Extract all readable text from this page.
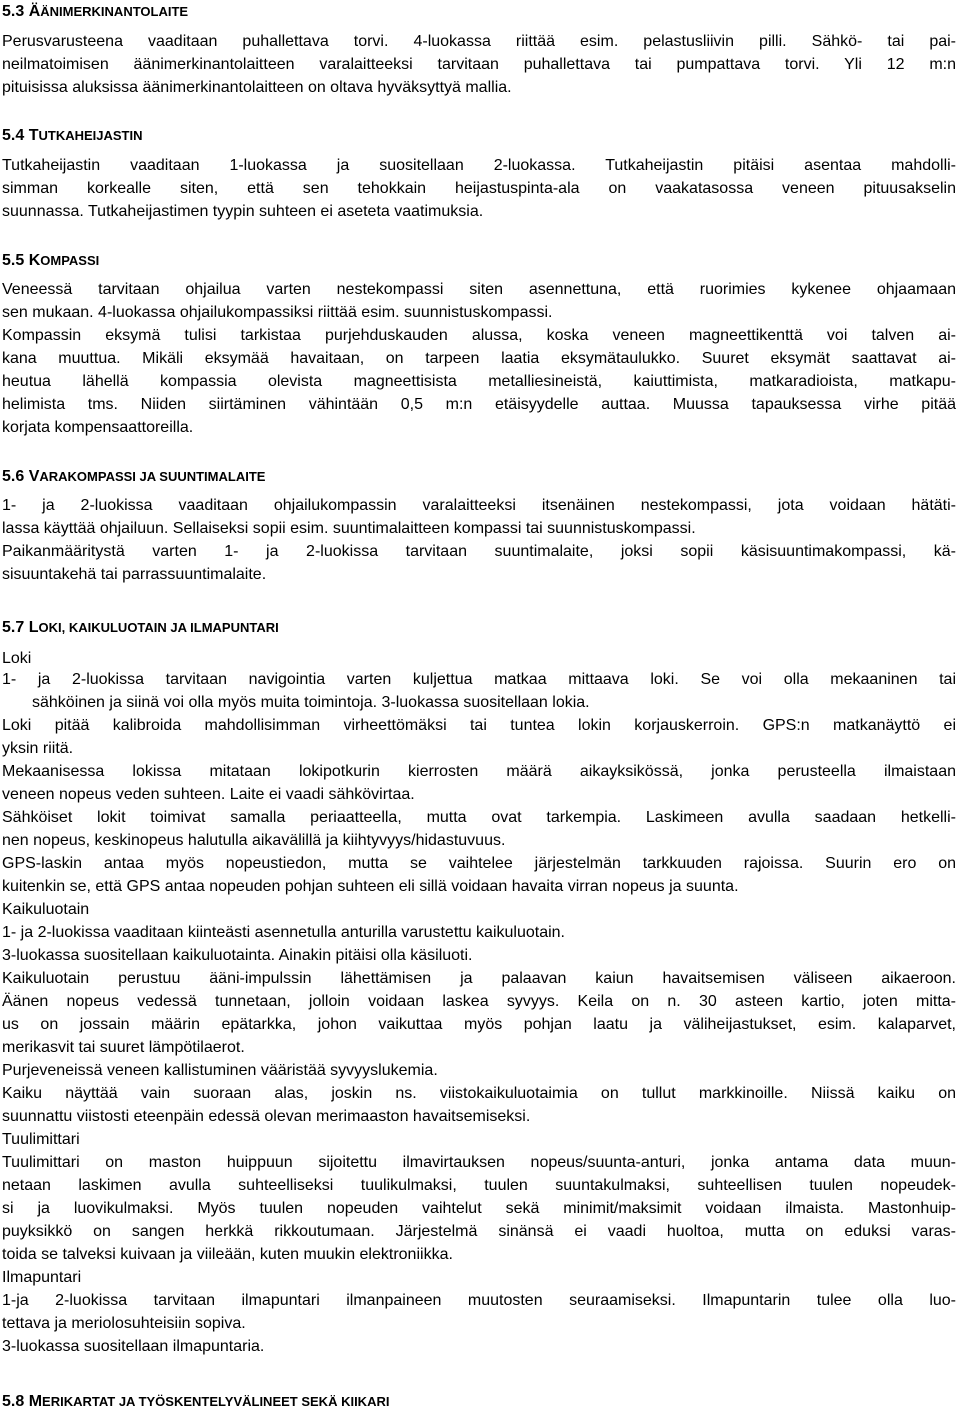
5.3 ÄÄNIMERKINANTOLAITE
Perusvarusteena vaaditaan puhallettava torvi. 4-luokassa riittää esim. pelastusliivin pilli. Sähkö- tai pai-
neilmatoimisen äänimerkinantolaitteen varalaitteeksi tarvitaan puhallettava tai pumpattava torvi. Yli 12 m:n
pituisissa aluksissa äänimerkinantolaitteen on oltava hyväksyttyä mallia.
5.4 TUTKAHEIJASTIN
Tutkaheijastin vaaditaan 1-luokassa ja suositellaan 2-luokassa. Tutkaheijastin pitäisi asentaa mahdolli-
simman korkealle siten, että sen tehokkain heijastuspinta-ala on vaakatasossa veneen pituusakselin
suunnassa. Tutkaheijastimen tyypin suhteen ei aseteta vaatimuksia.
5.5 KOMPASSI
Veneessä tarvitaan ohjailua varten nestekompassi siten asennettuna, että ruorimies kykenee ohjaamaan
sen mukaan. 4-luokassa ohjailukompassiksi riittää esim. suunnistuskompassi.
Kompassin eksymä tulisi tarkistaa purjehduskauden alussa, koska veneen magneettikenttä voi talven ai-
kana muuttua. Mikäli eksymää havaitaan, on tarpeen laatia eksymätaulukko. Suuret eksymät saattavat ai-
heutua lähellä kompassia olevista magneettisista metalliesineistä, kaiuttimista, matkaradioista, matkapu-
helimista tms. Niiden siirtäminen vähintään 0,5 m:n etäisyydelle auttaa. Muussa tapauksessa virhe pitää
korjata kompensaattoreilla.
5.6 VARAKOMPASSI JA SUUNTIMALAITE
1- ja 2-luokissa vaaditaan ohjailukompassin varalaitteeksi itsenäinen nestekompassi, jota voidaan hätäti-
lassa käyttää ohjailuun. Sellaiseksi sopii esim. suuntimalaitteen kompassi tai suunnistuskompassi.
Paikanmääritystä varten 1- ja 2-luokissa tarvitaan suuntimalaite, joksi sopii käsisuuntimakompassi, kä-
sisuuntakehä tai parrassuuntimalaite.
5.7 LOKI, KAIKULUOTAIN JA ILMAPUNTARI
Loki
1- ja 2-luokissa tarvitaan navigointia varten kuljettua matkaa mittaava loki. Se voi olla mekaaninen tai
sähköinen ja siinä voi olla myös muita toimintoja. 3-luokassa suositellaan lokia.
Loki pitää kalibroida mahdollisimman virheettömäksi tai tuntea lokin korjauskerroin. GPS:n matkanäyttö ei
yksin riitä.
Mekaanisessa lokissa mitataan lokipotkurin kierrosten määrä aikayksikössä, jonka perusteella ilmaistaan
veneen nopeus veden suhteen. Laite ei vaadi sähkövirtaa.
Sähköiset lokit toimivat samalla periaatteella, mutta ovat tarkempia. Laskimeen avulla saadaan hetkelli-
nen nopeus, keskinopeus halutulla aikavälillä ja kiihtyvyys/hidastuvuus.
GPS-laskin antaa myös nopeustiedon, mutta se vaihtelee järjestelmän tarkkuuden rajoissa. Suurin ero on
kuitenkin se, että GPS antaa nopeuden pohjan suhteen eli sillä voidaan havaita virran nopeus ja suunta.
Kaikuluotain
1- ja 2-luokissa vaaditaan kiinteästi asennetulla anturilla varustettu kaikuluotain.
3-luokassa suositellaan kaikuluotainta. Ainakin pitäisi olla käsiluoti.
Kaikuluotain perustuu ääni-impulssin lähettämisen ja palaavan kaiun havaitsemisen väliseen aikaeroon.
Äänen nopeus vedessä tunnetaan, jolloin voidaan laskea syvyys. Keila on n. 30 asteen kartio, joten mitta-
us on jossain määrin epätarkka, johon vaikuttaa myös pohjan laatu ja väliheijastukset, esim. kalaparvet,
merikasvit tai suuret lämpötilaerot.
Purjeveneissä veneen kallistuminen vääristää syvyyslukemia.
Kaiku näyttää vain suoraan alas, joskin ns. viistokaikuluotaimia on tullut markkinoille. Niissä kaiku on
suunnattu viistosti eteenpäin edessä olevan merimaaston havaitsemiseksi.
Tuulimittari
Tuulimittari on maston huippuun sijoitettu ilmavirtauksen nopeus/suunta-anturi, jonka antama data muun-
netaan laskimen avulla suhteelliseksi tuulikulmaksi, tuulen suuntakulmaksi, suhteellisen tuulen nopeudek-
si ja luovikulmaksi. Myös tuulen nopeuden vaihtelut sekä minimit/maksimit voidaan ilmaista. Mastonhuip-
puyksikkö on sangen herkkä rikkoutumaan. Järjestelmä sinänsä ei vaadi huoltoa, mutta on eduksi varas-
toida se talveksi kuivaan ja viileään, kuten muukin elektroniikka.
Ilmapuntari
1-ja 2-luokissa tarvitaan ilmapuntari ilmanpaineen muutosten seuraamiseksi. Ilmapuntarin tulee olla luo-
tettava ja meriolosuhteisiin sopiva.
3-luokassa suositellaan ilmapuntaria.
5.8 MERIKARTAT JA TYÖSKENTELYVÄLINEET SEKÄ KIIKARI
